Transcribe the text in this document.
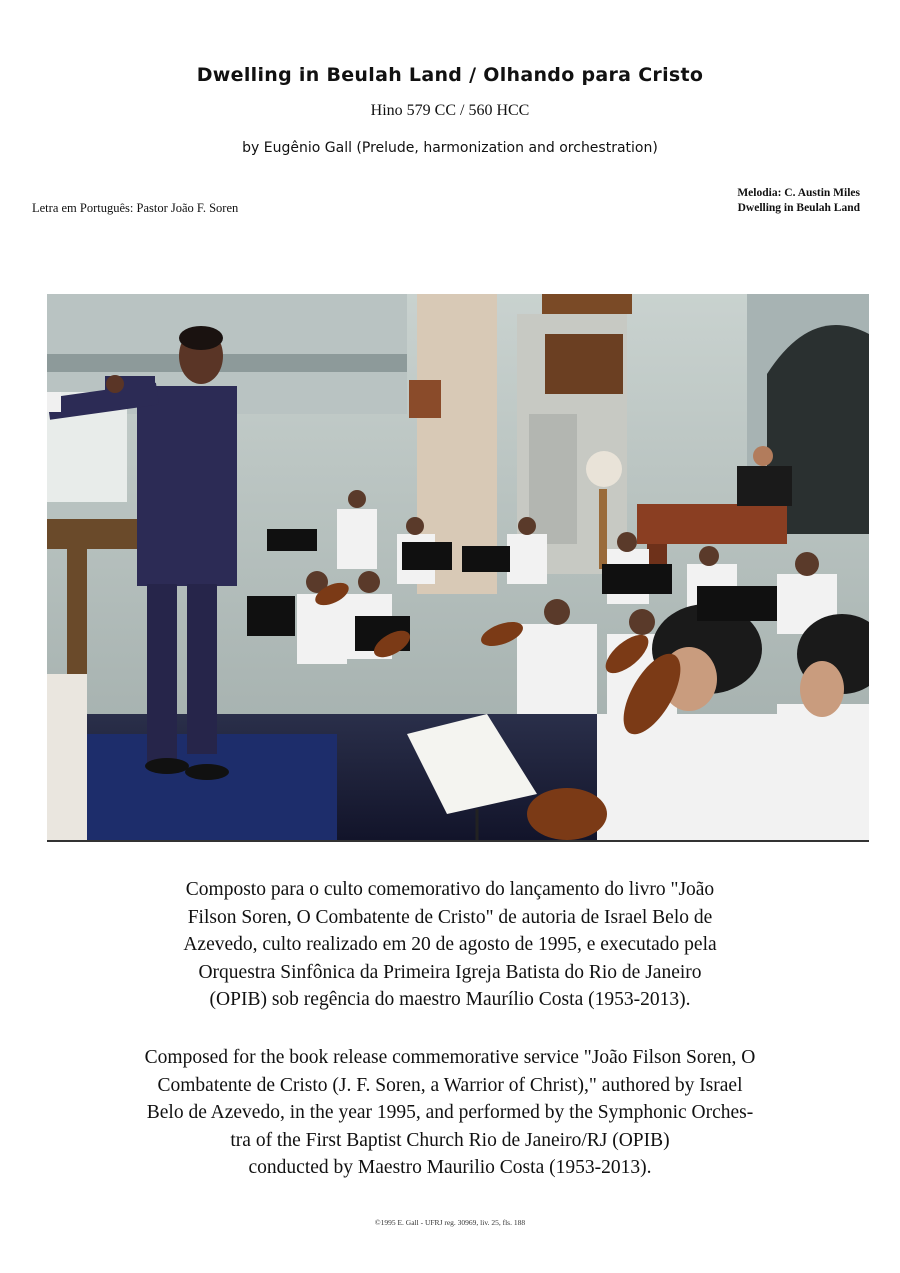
Dwelling in Beulah Land / Olhando para Cristo
Hino 579 CC / 560 HCC
by Eugênio Gall (Prelude, harmonization and orchestration)
Letra em Português: Pastor João F. Soren
Melodia: C. Austin Miles
Dwelling in Beulah Land
Composto para o culto comemorativo do lançamento do livro "João
Filson Soren, O Combatente de Cristo" de autoria de Israel Belo de
Azevedo, culto realizado em 20 de agosto de 1995, e executado pela
Orquestra Sinfônica da Primeira Igreja Batista do Rio de Janeiro
(OPIB) sob regência do maestro Maurílio Costa (1953-2013).
Composed for the book release commemorative service "João Filson Soren, O
Combatente de Cristo (J. F. Soren, a Warrior of Christ)," authored by Israel
Belo de Azevedo, in the year 1995, and performed by the Symphonic Orches-
tra of the First Baptist Church Rio de Janeiro/RJ (OPIB)
conducted by Maestro Maurilio Costa (1953-2013).
©1995 E. Gall - UFRJ reg. 30969, liv. 25, fls. 188
